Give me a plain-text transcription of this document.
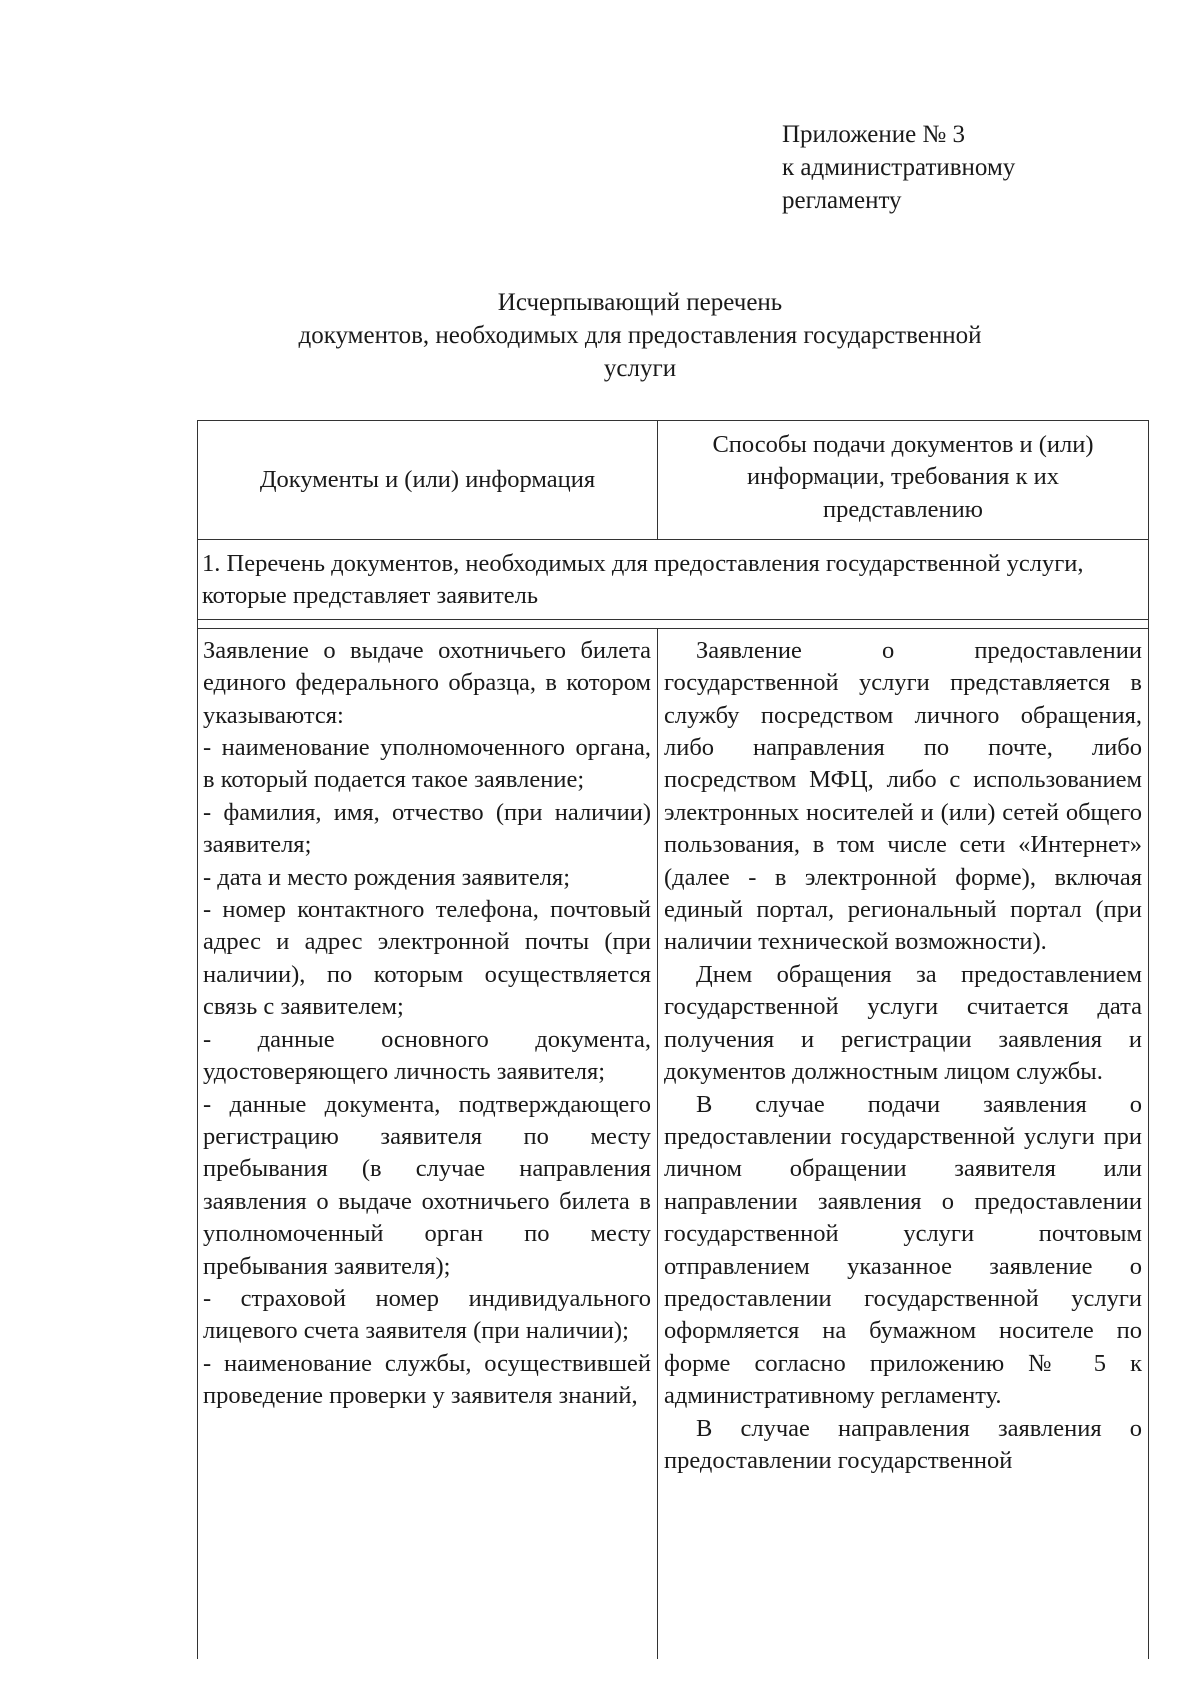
Приложение № 3
к административному
регламенту
Исчерпывающий перечень
документов, необходимых для предоставления государственной
услуги
Документы и (или) информация
Способы подачи документов и (или) информации, требования к их представлению
1. Перечень документов, необходимых для предоставления государственной услуги, которые представляет заявитель

Заявление о выдаче охотничьего билета единого федерального образца, в котором указываются:

- наименование уполномоченного органа, в который подается такое заявление;

- фамилия, имя, отчество (при наличии) заявителя;

- дата и место рождения заявителя;

- номер контактного телефона, почтовый адрес и адрес электронной почты (при наличии), по которым осуществляется связь с заявителем;

- данные основного документа, удостоверяющего личность заявителя;

- данные документа, подтверждающего регистрацию заявителя по месту пребывания (в случае направления заявления о выдаче охотничьего билета в уполномоченный орган по месту пребывания заявителя);

- страховой номер индивидуального лицевого счета заявителя (при наличии);

- наименование службы, осуществившей проведение проверки у заявителя знаний,

Заявление о предоставлении государственной услуги представляется в службу посредством личного обращения, либо направления по почте, либо посредством МФЦ, либо с использованием электронных носителей и (или) сетей общего пользования, в том числе сети «Интернет» (далее - в электронной форме), включая единый портал, региональный портал (при наличии технической возможности).

Днем обращения за предоставлением государственной услуги считается дата получения и регистрации заявления и документов должностным лицом службы.

В случае подачи заявления о предоставлении государственной услуги при личном обращении заявителя или направлении заявления о предоставлении государственной услуги почтовым отправлением указанное заявление о предоставлении государственной услуги оформляется на бумажном носителе по форме согласно приложению № 5 к административному регламенту.

В случае направления заявления о предоставлении государственной
